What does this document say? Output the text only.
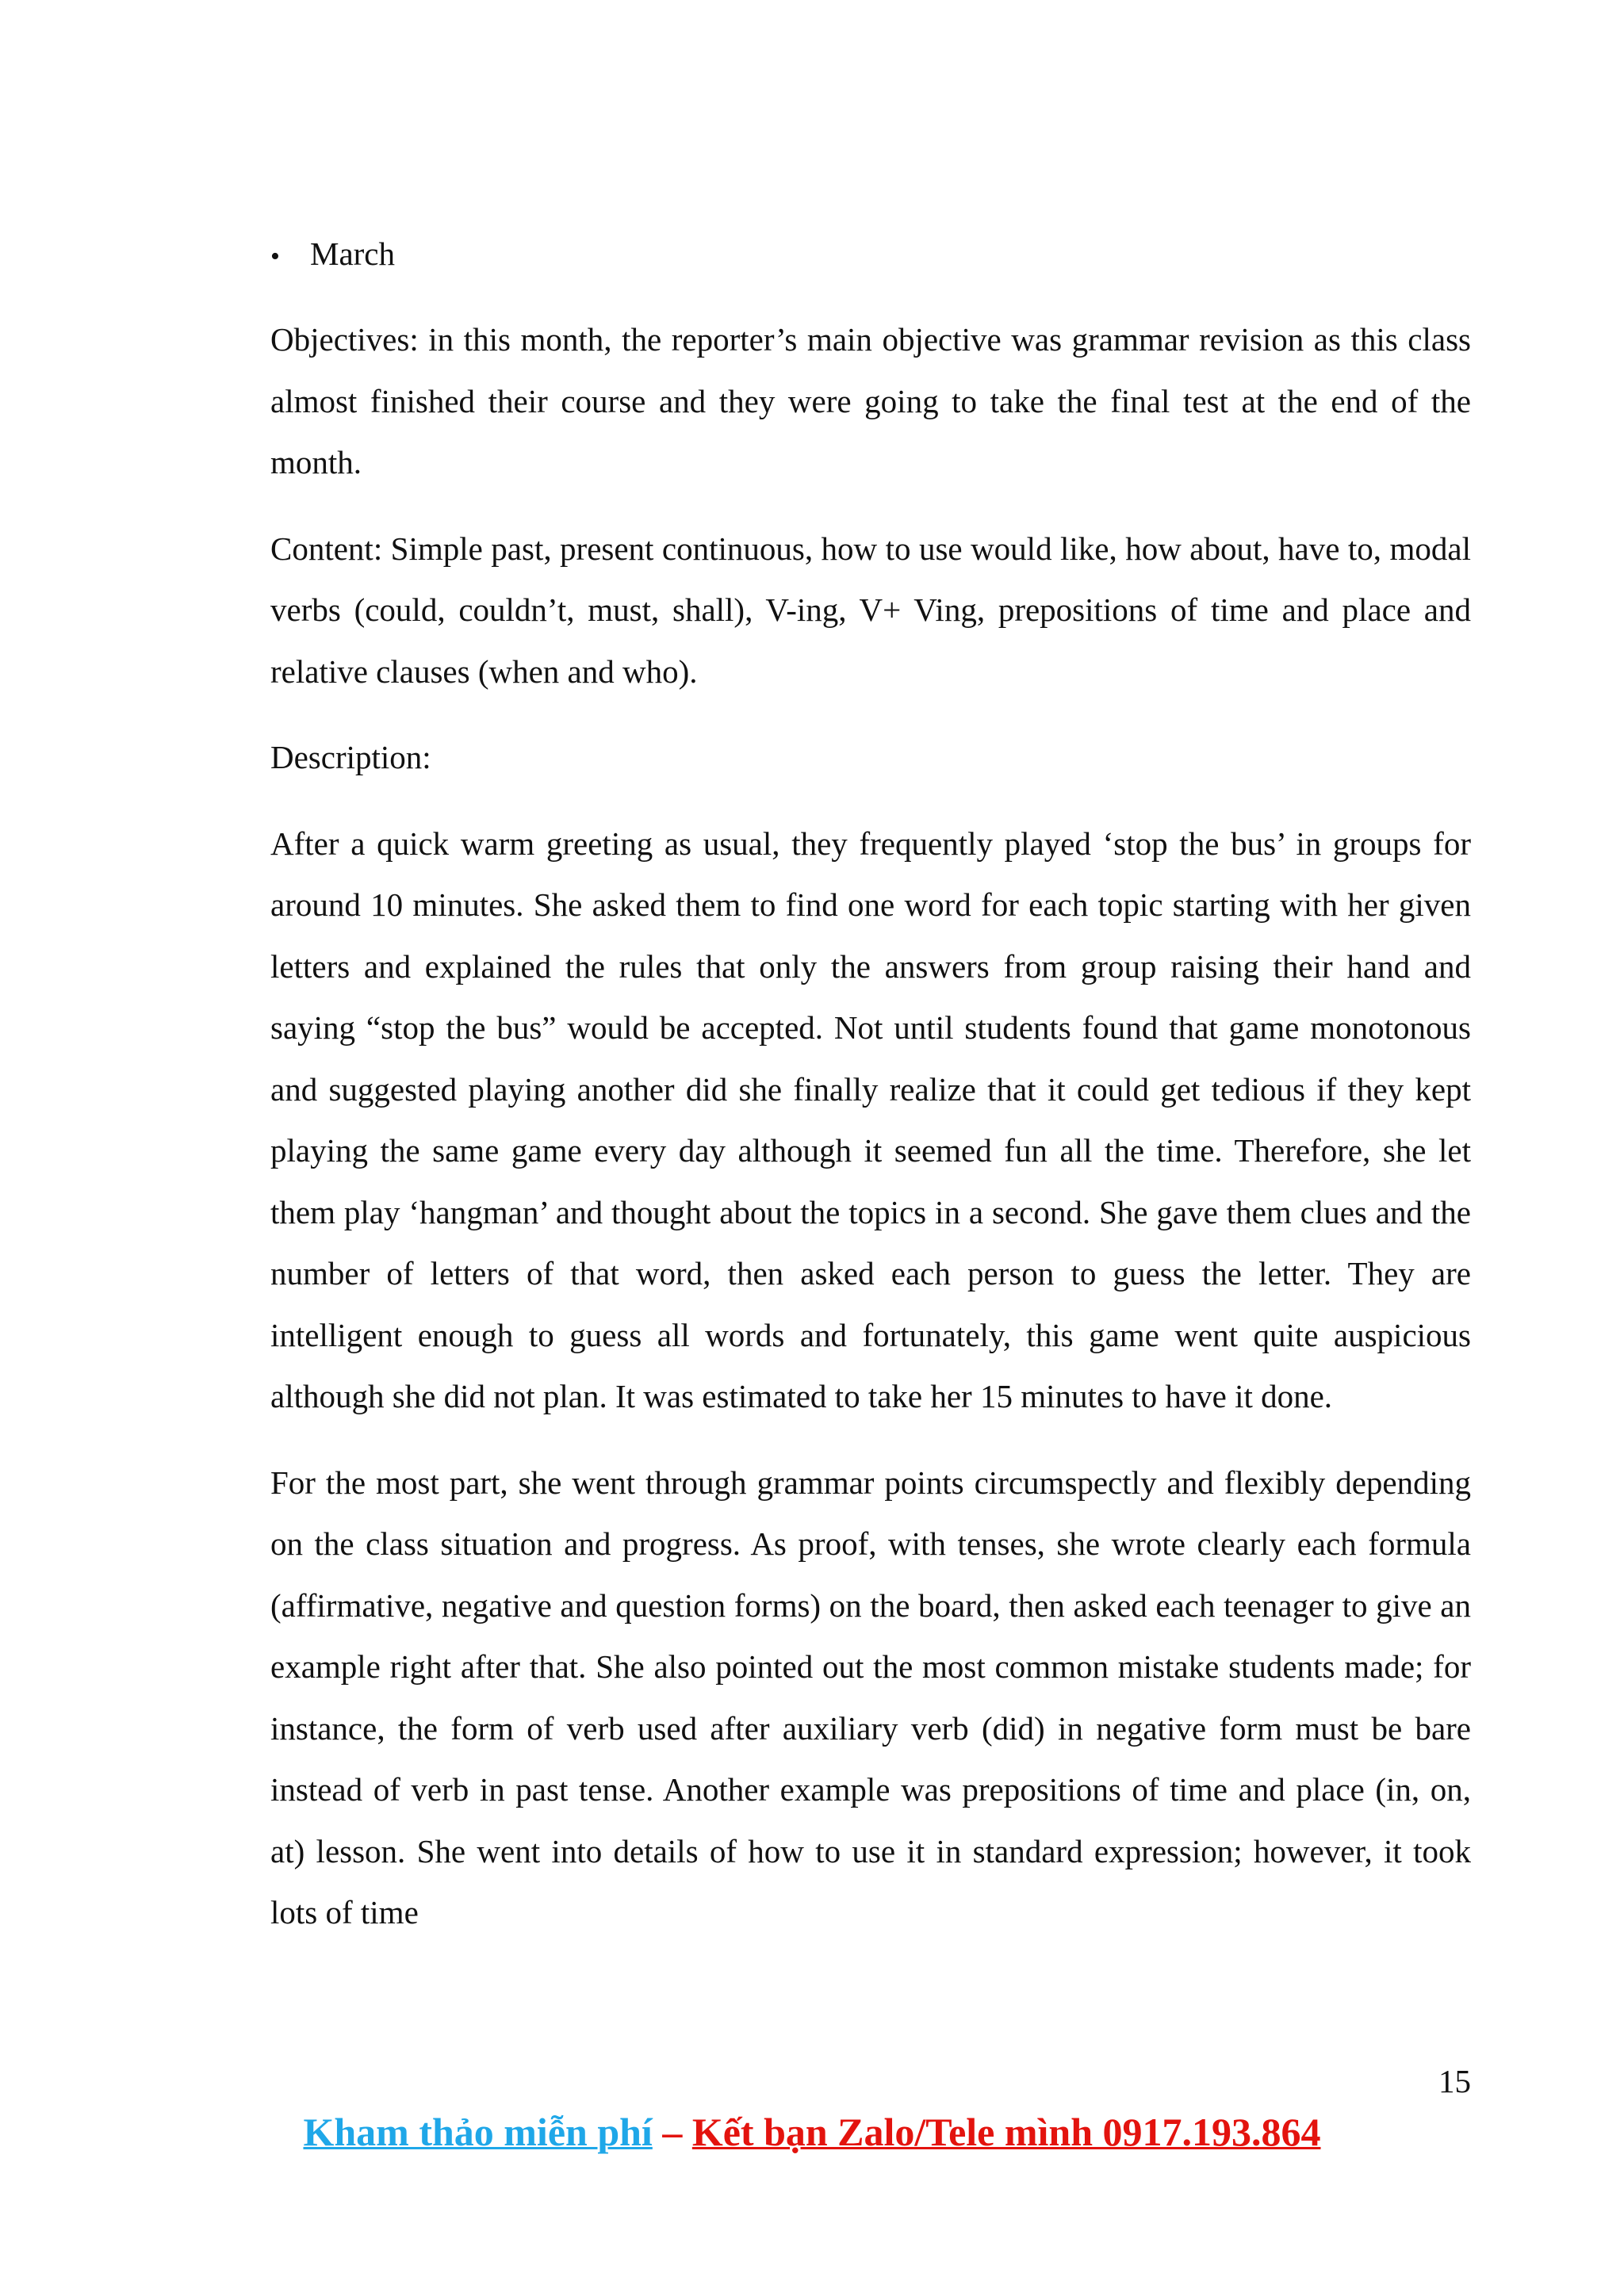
• March

Objectives: in this month, the reporter’s main objective was grammar revision as this class almost finished their course and they were going to take the final test at the end of the month.

Content: Simple past, present continuous, how to use would like, how about, have to, modal verbs (could, couldn’t, must, shall), V-ing, V+ Ving, prepositions of time and place and relative clauses (when and who).

Description:

After a quick warm greeting as usual, they frequently played ‘stop the bus’ in groups for around 10 minutes. She asked them to find one word for each topic starting with her given letters and explained the rules that only the answers from group raising their hand and saying “stop the bus” would be accepted. Not until students found that game monotonous and suggested playing another did she finally realize that it could get tedious if they kept playing the same game every day although it seemed fun all the time. Therefore, she let them play ‘hangman’ and thought about the topics in a second. She gave them clues and the number of letters of that word, then asked each person to guess the letter. They are intelligent enough to guess all words and fortunately, this game went quite auspicious although she did not plan. It was estimated to take her 15 minutes to have it done.

For the most part, she went through grammar points circumspectly and flexibly depending on the class situation and progress. As proof, with tenses, she wrote clearly each formula (affirmative, negative and question forms) on the board, then asked each teenager to give an example right after that. She also pointed out the most common mistake students made; for instance, the form of verb used after auxiliary verb (did) in negative form must be bare instead of verb in past tense. Another example was prepositions of time and place (in, on, at) lesson. She went into details of how to use it in standard expression; however, it took lots of time

15
Kham thảo miễn phí – Kết bạn Zalo/Tele mình 0917.193.864
